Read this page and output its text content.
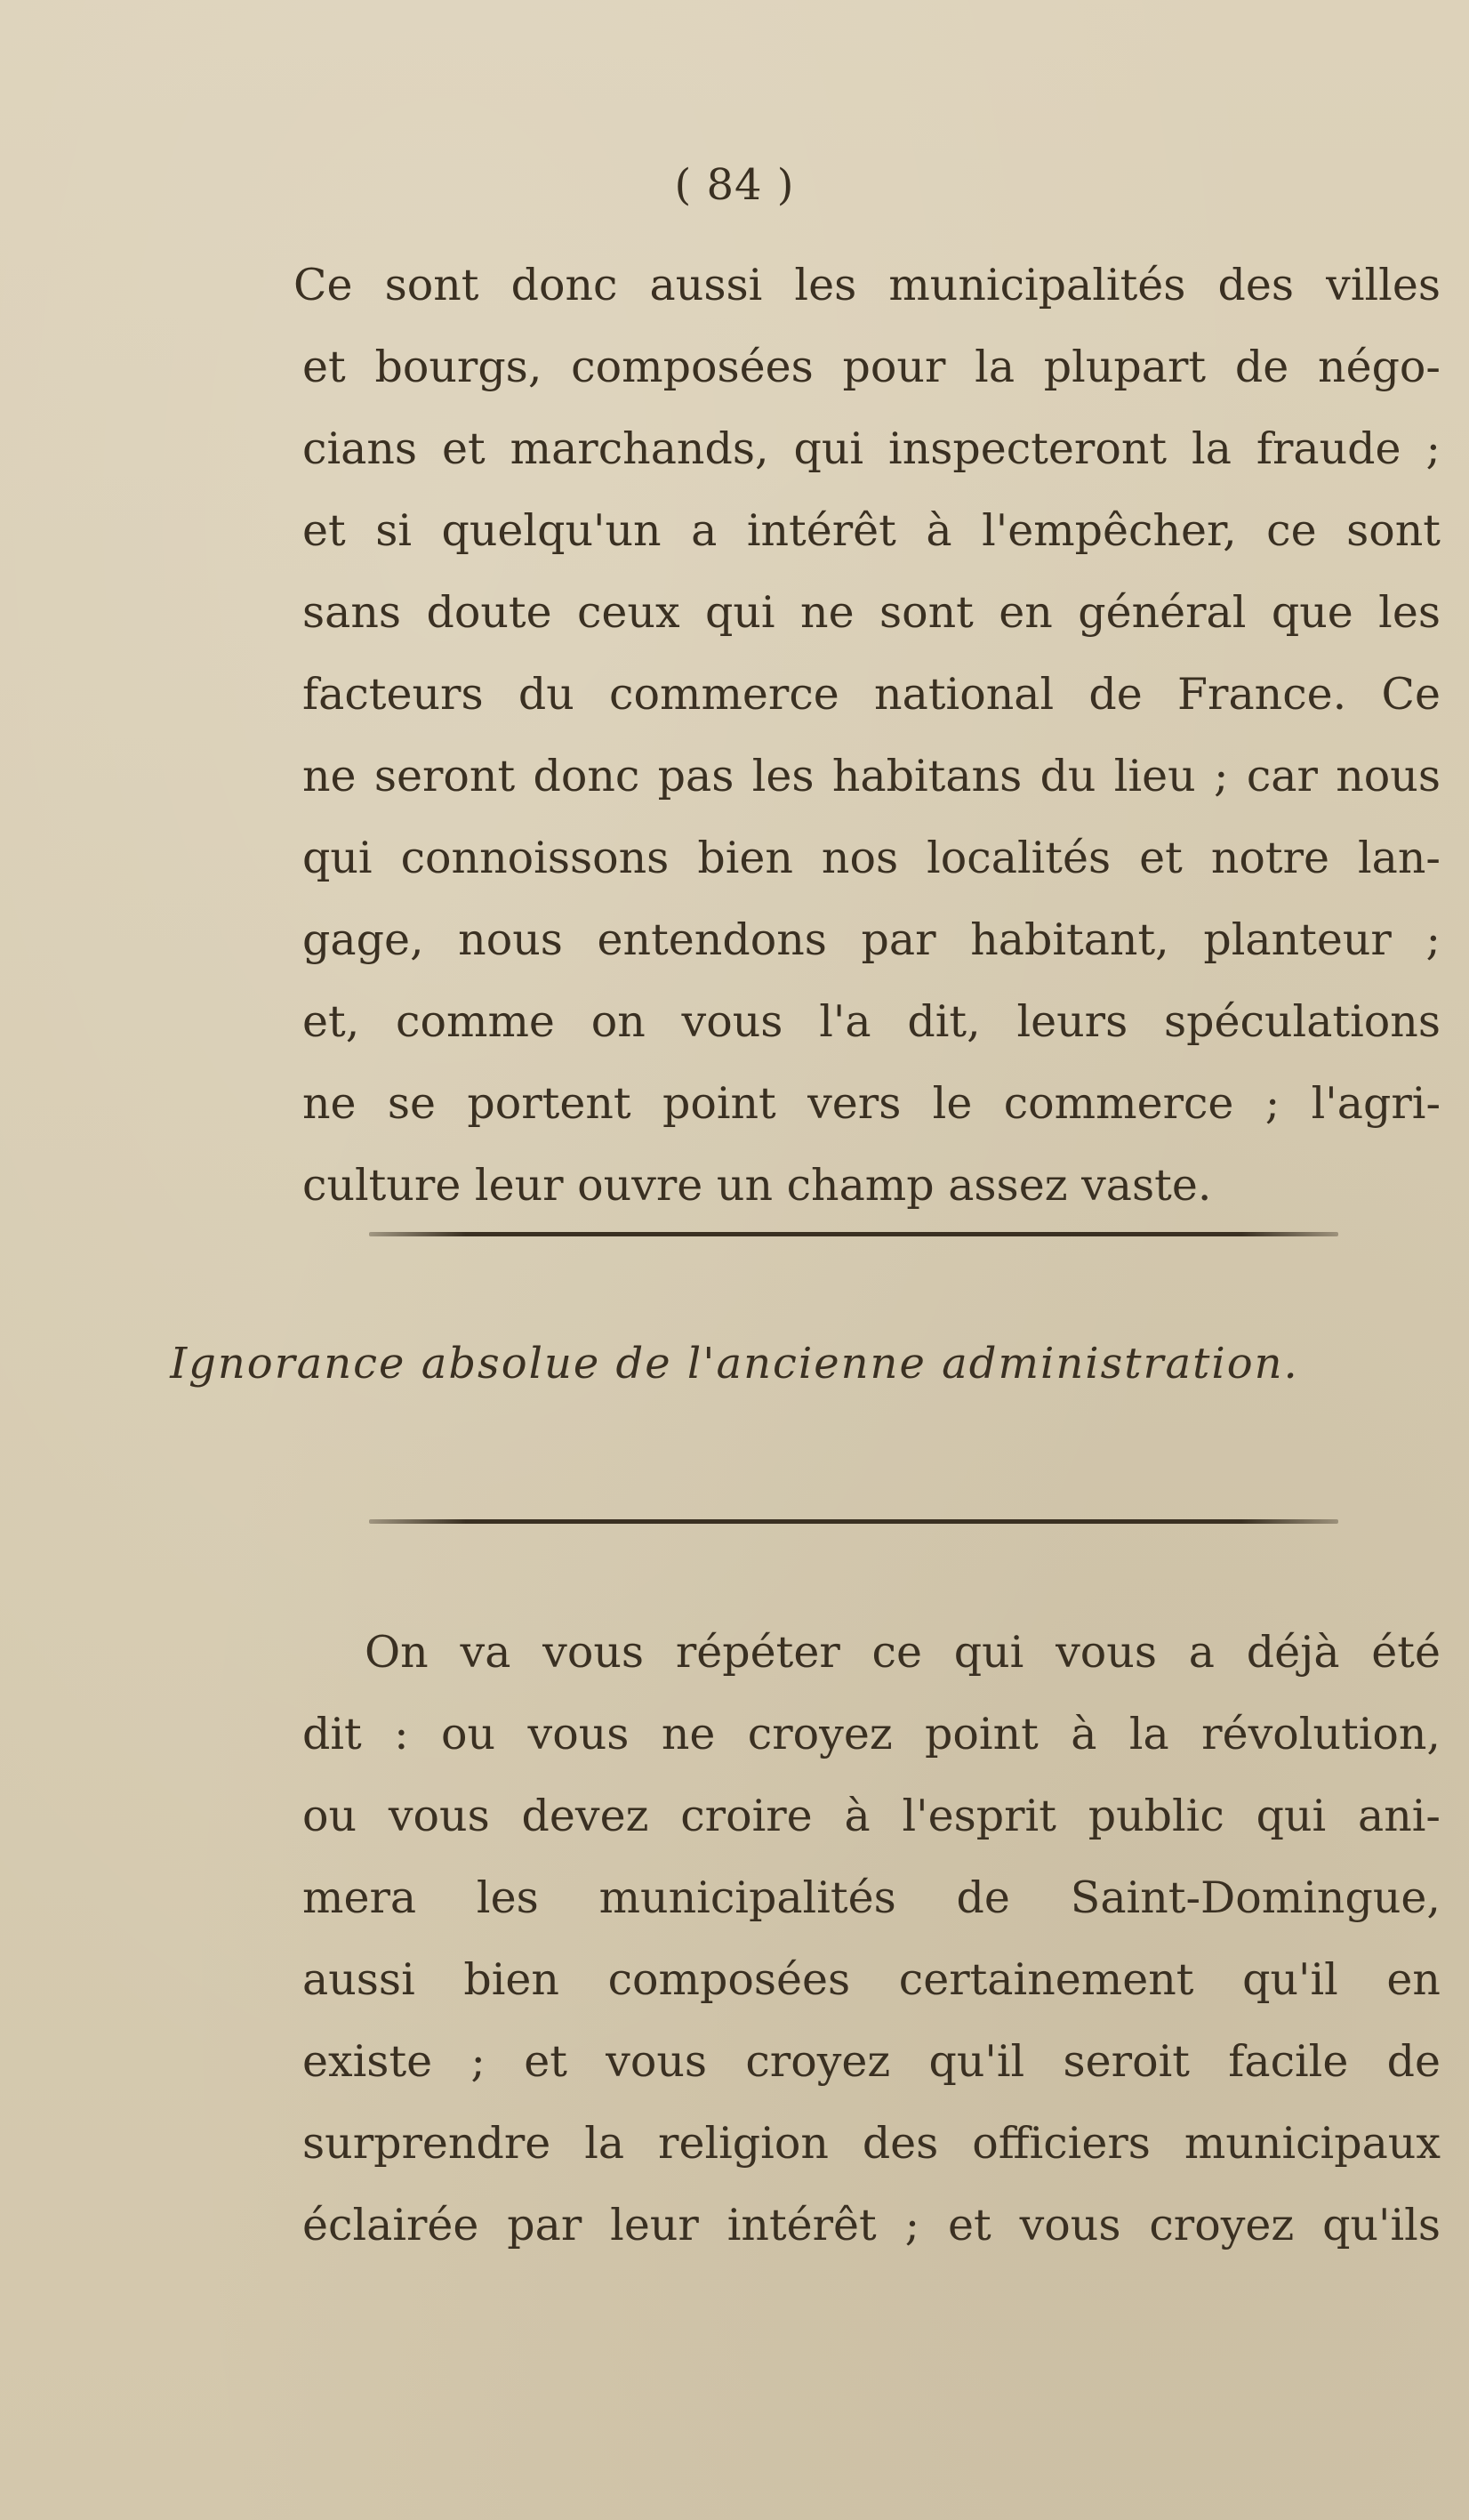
( 84 )
Ce sont donc aussi les municipalités des villes
et bourgs, composées pour la plupart de négo-
cians et marchands, qui inspecteront la fraude ;
et si quelqu'un a intérêt à l'empêcher, ce sont
sans doute ceux qui ne sont en général que les
facteurs du commerce national de France. Ce
ne seront donc pas les habitans du lieu ; car nous
qui connoissons bien nos localités et notre lan-
gage, nous entendons par habitant, planteur ;
et, comme on vous l'a dit, leurs spéculations
ne se portent point vers le commerce ; l'agri-
culture leur ouvre un champ assez vaste.
Ignorance absolue de l'ancienne administration.
On va vous répéter ce qui vous a déjà été
dit : ou vous ne croyez point à la révolution,
ou vous devez croire à l'esprit public qui ani-
mera les municipalités de Saint-Domingue,
aussi bien composées certainement qu'il en
existe ; et vous croyez qu'il seroit facile de
surprendre la religion des officiers municipaux
éclairée par leur intérêt ; et vous croyez qu'ils
